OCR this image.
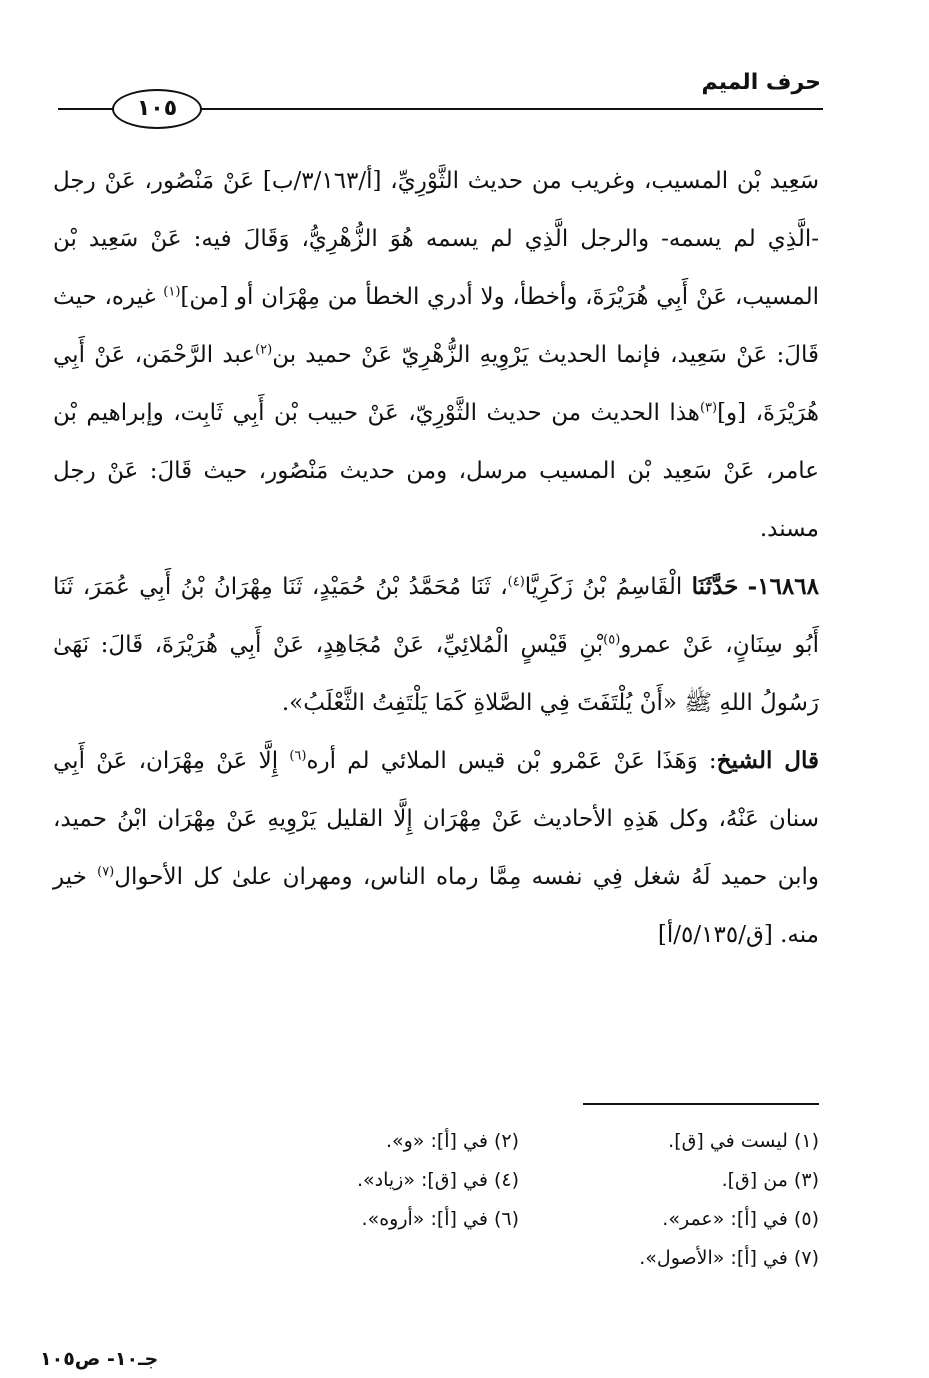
حرف الميم
١٠٥

سَعِيد بْن المسيب، وغريب من حديث الثَّوْرِيِّ، [أ/٣/١٦٣/ب] عَنْ مَنْصُور، عَنْ رجل -الَّذِي لم يسمه- والرجل الَّذِي لم يسمه هُوَ الزُّهْرِيُّ، وَقَالَ فيه: عَنْ سَعِيد بْن المسيب، عَنْ أَبِي هُرَيْرَةَ، وأخطأ، ولا أدري الخطأ من مِهْرَان أو [من]$^{(١)}$ غيره، حيث قَالَ: عَنْ سَعِيد، فإنما الحديث يَرْوِيهِ الزُّهْرِيّ عَنْ حميد بن$^{(٢)}$عبد الرَّحْمَن، عَنْ أَبِي هُرَيْرَةَ، [و]$^{(٣)}$هذا الحديث من حديث الثَّوْرِيّ، عَنْ حبيب بْن أَبِي ثَابِت، وإبراهيم بْن عامر، عَنْ سَعِيد بْن المسيب مرسل، ومن حديث مَنْصُور، حيث قَالَ: عَنْ رجل مسند.

١٦٨٦٨- حَدَّثَنَا الْقَاسِمُ بْنُ زَكَرِيَّا$^{(٤)}$، ثَنَا مُحَمَّدُ بْنُ حُمَيْدٍ، ثَنَا مِهْرَانُ بْنُ أَبِي عُمَرَ، ثَنَا أَبُو سِنَانٍ، عَنْ عمرو$^{(٥)}$بْنِ قَيْسٍ الْمُلائِيِّ، عَنْ مُجَاهِدٍ، عَنْ أَبِي هُرَيْرَةَ، قَالَ: نَهَىٰ رَسُولُ اللهِ ﷺ «أَنْ يُلْتَفَتَ فِي الصَّلاةِ كَمَا يَلْتَفِتُ الثَّعْلَبُ».

قال الشيخ: وَهَذَا عَنْ عَمْرو بْن قيس الملائي لم أره$^{(٦)}$ إِلَّا عَنْ مِهْرَان، عَنْ أَبِي سنان عَنْهُ، وكل هَذِهِ الأحاديث عَنْ مِهْرَان إِلَّا القليل يَرْوِيهِ عَنْ مِهْرَان ابْنُ حميد، وابن حميد لَهُ شغل فِي نفسه مِمَّا رماه الناس، ومهران علىٰ كل الأحوال$^{(٧)}$ خير منه. [ق/٥/١٣٥/أ]

(١) ليست في [ق].
(٢) في [أ]: «و».
(٣) من [ق].
(٤) في [ق]: «زياد».
(٥) في [أ]: «عمر».
(٦) في [أ]: «أروه».
(٧) في [أ]: «الأصول».
جـ١٠- ص١٠٥
